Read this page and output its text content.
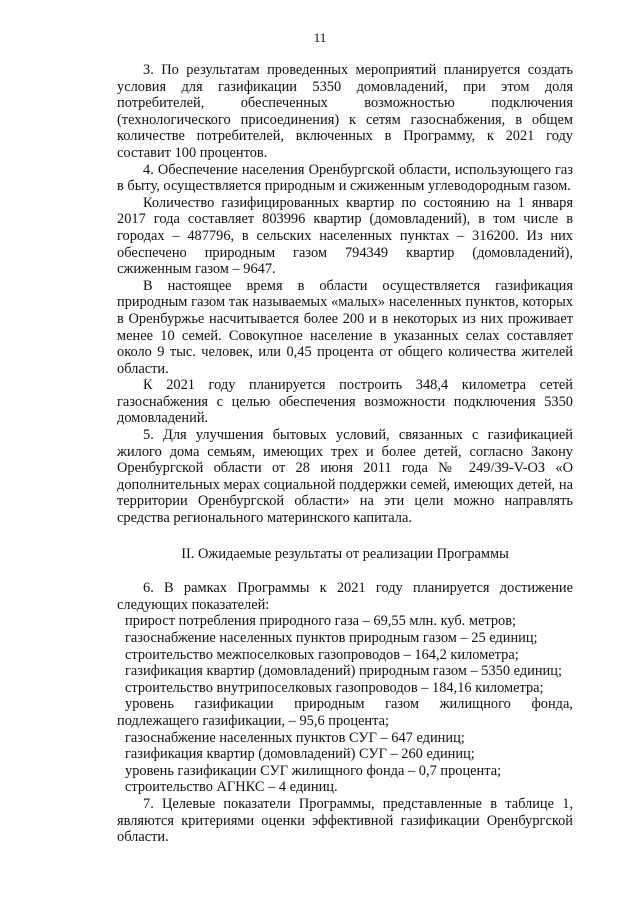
11

3. По результатам проведенных мероприятий планируется создать условия для газификации 5350 домовладений, при этом доля потребителей, обеспеченных возможностью подключения (технологического присоединения) к сетям газоснабжения, в общем количестве потребителей, включенных в Программу, к 2021 году составит 100 процентов.

4. Обеспечение населения Оренбургской области, использующего газ в быту, осуществляется природным и сжиженным углеводородным газом.

Количество газифицированных квартир по состоянию на 1 января 2017 года составляет 803996 квартир (домовладений), в том числе в городах – 487796, в сельских населенных пунктах – 316200. Из них обеспечено природным газом 794349 квартир (домовладений), сжиженным газом – 9647.

В настоящее время в области осуществляется газификация природным газом так называемых «малых» населенных пунктов, которых в Оренбуржье насчитывается более 200 и в некоторых из них проживает менее 10 семей. Совокупное население в указанных селах составляет около 9 тыс. человек, или 0,45 процента от общего количества жителей области.

К 2021 году планируется построить 348,4 километра сетей газоснабжения с целью обеспечения возможности подключения 5350 домовладений.

5. Для улучшения бытовых условий, связанных с газификацией жилого дома семьям, имеющих трех и более детей, согласно Закону Оренбургской области от 28 июня 2011 года № 249/39-V-ОЗ «О дополнительных мерах социальной поддержки семей, имеющих детей, на территории Оренбургской области» на эти цели можно направлять средства регионального материнского капитала.

II. Ожидаемые результаты от реализации Программы

6. В рамках Программы к 2021 году планируется достижение следующих показателей:

прирост потребления природного газа – 69,55 млн. куб. метров;

газоснабжение населенных пунктов природным газом – 25 единиц;

строительство межпоселковых газопроводов – 164,2 километра;

газификация квартир (домовладений) природным газом – 5350 единиц;

строительство внутрипоселковых газопроводов – 184,16 километра;

уровень газификации природным газом жилищного фонда, подлежащего газификации, – 95,6 процента;

газоснабжение населенных пунктов СУГ – 647 единиц;

газификация квартир (домовладений) СУГ – 260 единиц;

уровень газификации СУГ жилищного фонда – 0,7 процента;

строительство АГНКС – 4 единиц.

7. Целевые показатели Программы, представленные в таблице 1, являются критериями оценки эффективной газификации Оренбургской области.
